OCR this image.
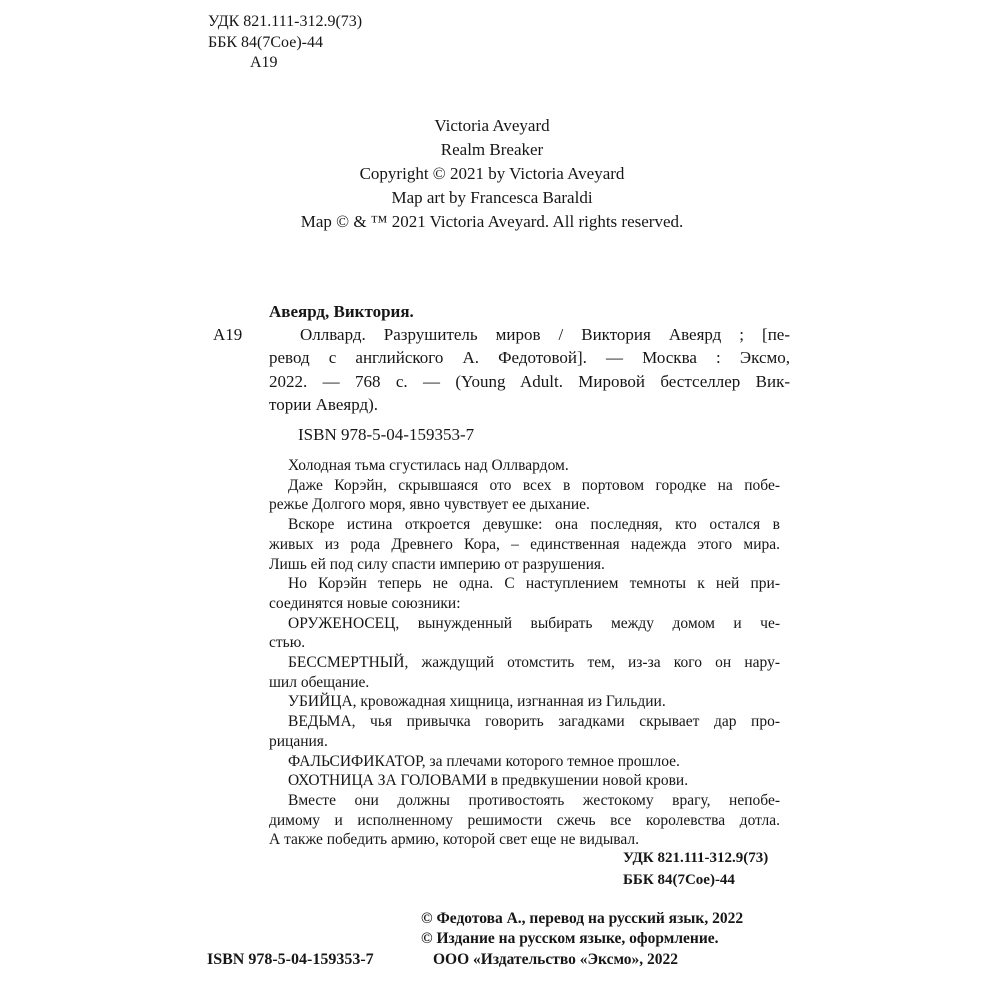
УДК 821.111-312.9(73)
ББК 84(7Сое)-44
А19
Victoria Aveyard
Realm Breaker
Copyright © 2021 by Victoria Aveyard
Map art by Francesca Baraldi
Map © & ™ 2021 Victoria Aveyard. All rights reserved.
Авеярд, Виктория.
А19	Оллвард. Разрушитель миров / Виктория Авеярд ; [пе-
ревод с английского А. Федотовой]. — Москва : Эксмо,
2022. — 768 с. — (Young Adult. Мировой бестселлер Вик-
тории Авеярд).
ISBN 978-5-04-159353-7
Холодная тьма сгустилась над Оллвардом.
Даже Корэйн, скрывшаяся ото всех в портовом городке на побе-
режье Долгого моря, явно чувствует ее дыхание.
Вскоре истина откроется девушке: она последняя, кто остался в
живых из рода Древнего Кора, – единственная надежда этого мира.
Лишь ей под силу спасти империю от разрушения.
Но Корэйн теперь не одна. С наступлением темноты к ней при-
соединятся новые союзники:
ОРУЖЕНОСЕЦ, вынужденный выбирать между домом и че-
стью.
БЕССМЕРТНЫЙ, жаждущий отомстить тем, из-за кого он нару-
шил обещание.
УБИЙЦА, кровожадная хищница, изгнанная из Гильдии.
ВЕДЬМА, чья привычка говорить загадками скрывает дар про-
рицания.
ФАЛЬСИФИКАТОР, за плечами которого темное прошлое.
ОХОТНИЦА ЗА ГОЛОВАМИ в предвкушении новой крови.
Вместе они должны противостоять жестокому врагу, непобе-
димому и исполненному решимости сжечь все королевства дотла.
А также победить армию, которой свет еще не видывал.
УДК 821.111-312.9(73)
ББК 84(7Сое)-44
© Федотова А., перевод на русский язык, 2022
© Издание на русском языке, оформление.
ООО «Издательство «Эксмо», 2022
ISBN 978-5-04-159353-7
